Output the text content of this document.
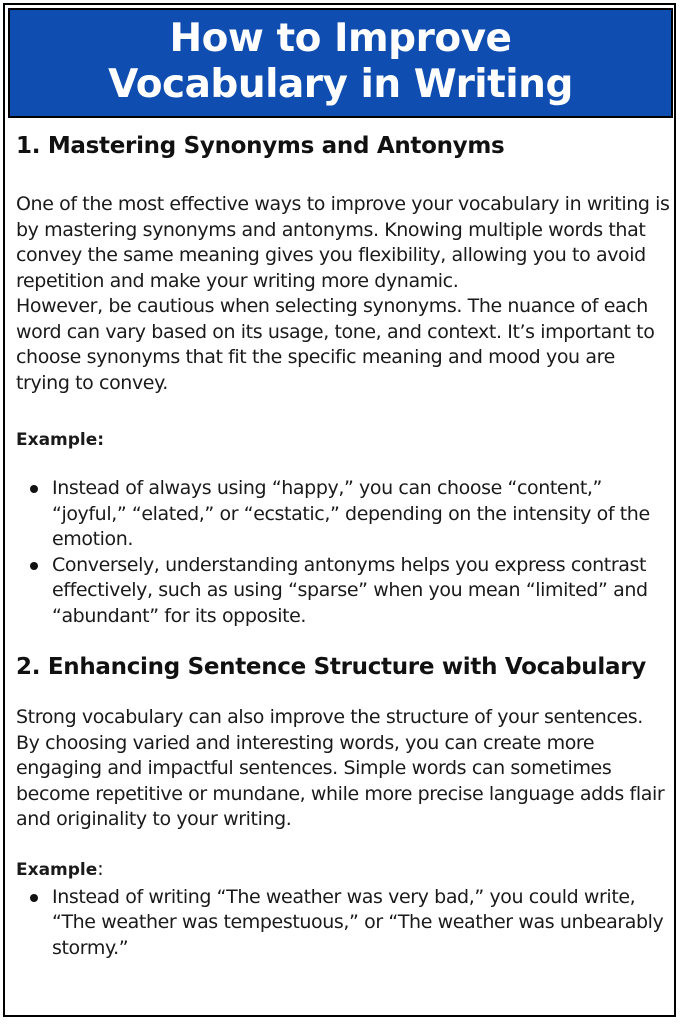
How to Improve
Vocabulary in Writing
1. Mastering Synonyms and Antonyms

One of the most effective ways to improve your vocabulary in writing is by mastering synonyms and antonyms. Knowing multiple words that convey the same meaning gives you flexibility, allowing you to avoid repetition and make your writing more dynamic.

However, be cautious when selecting synonyms. The nuance of each word can vary based on its usage, tone, and context. It’s important to choose synonyms that fit the specific meaning and mood you are trying to convey.

Example:
Instead of always using “happy,” you can choose “content,” “joyful,” “elated,” or “ecstatic,” depending on the intensity of the emotion.
Conversely, understanding antonyms helps you express contrast effectively, such as using “sparse” when you mean “limited” and “abundant” for its opposite.
2. Enhancing Sentence Structure with Vocabulary

Strong vocabulary can also improve the structure of your sentences. By choosing varied and interesting words, you can create more engaging and impactful sentences. Simple words can sometimes become repetitive or mundane, while more precise language adds flair and originality to your writing.

Example:
Instead of writing “The weather was very bad,” you could write, “The weather was tempestuous,” or “The weather was unbearably stormy.”
